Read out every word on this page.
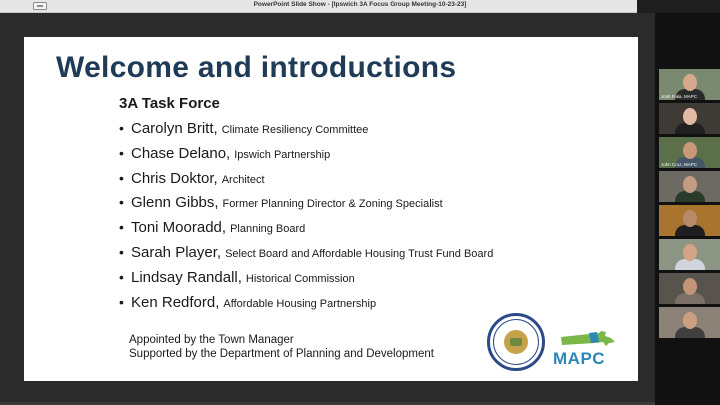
PowerPoint Slide Show - [Ipswich 3A Focus Group Meeting-10-23-23]
Welcome and introductions
3A Task Force
• Carolyn Britt, Climate Resiliency Committee
• Chase Delano, Ipswich Partnership
• Chris Doktor, Architect
• Glenn Gibbs, Former Planning Director & Zoning Specialist
• Toni Mooradd, Planning Board
• Sarah Player, Select Board and Affordable Housing Trust Fund Board
• Lindsay Randall, Historical Commission
• Ken Redford, Affordable Housing Partnership
Appointed by the Town Manager
Supported by the Department of Planning and Development	MAPC
Josh Fiala, MAPC
John Cruz, MAPC
